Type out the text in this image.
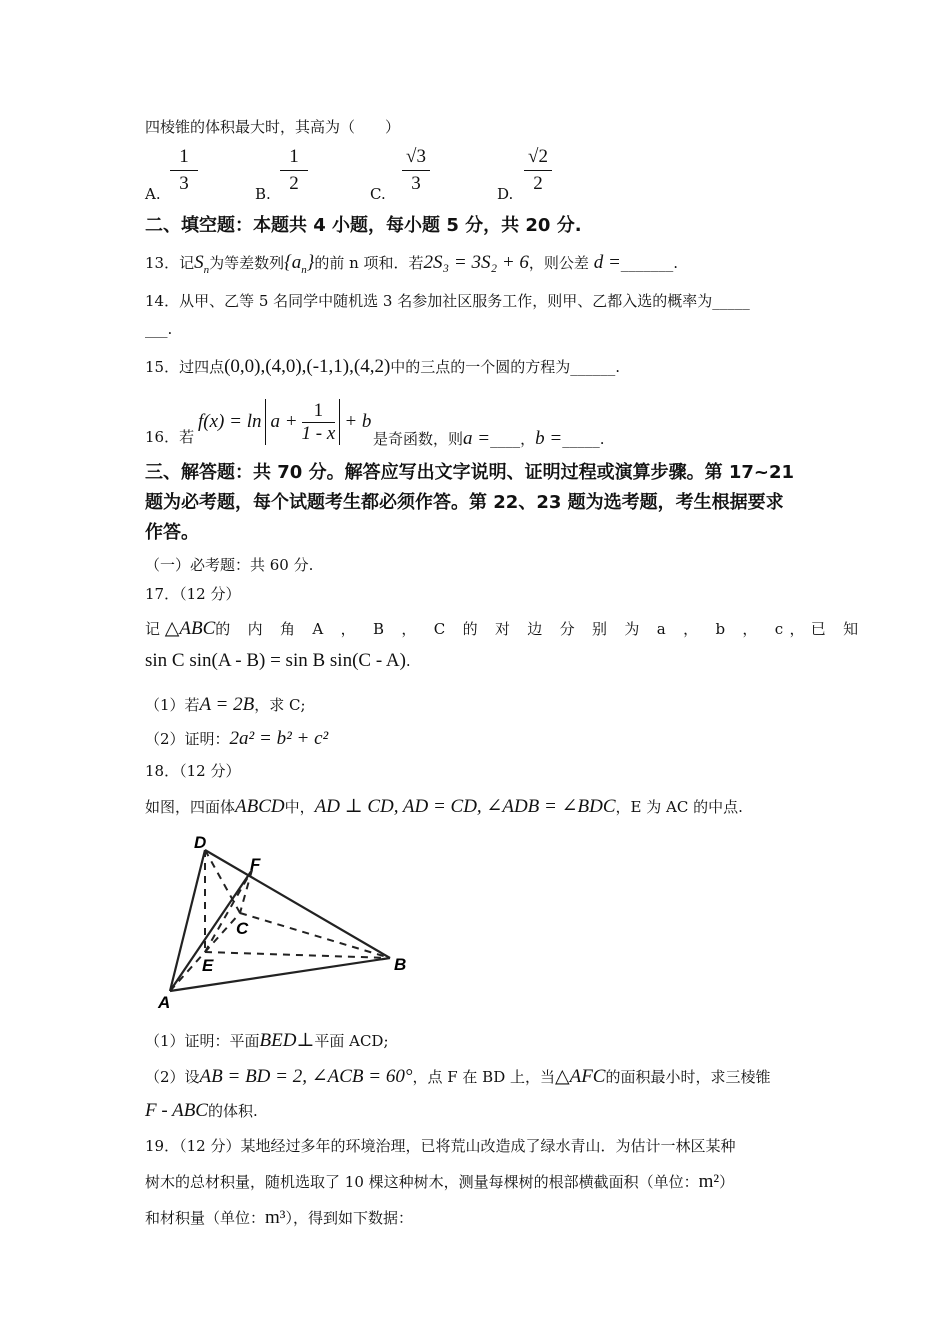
四棱锥的体积最大时，其高为（　　）
A.
1
3	B.
1
2	C.
√3
3	D.
√2
2
二、填空题：本题共 4 小题，每小题 5 分，共 20 分.
13．记$S_n$为等差数列$\{a_n\}$的前 n 项和．若2S₃ = 3S₂ + 6，则公差 d =_______.
14．从甲、乙等 5 名同学中随机选 3 名参加社区服务工作，则甲、乙都入选的概率为_____
___.
15．过四点(0,0),(4,0),(-1,1),(4,2)中的三点的一个圆的方程为______.
16．若
$f(x) = \ln a + \frac{1}{1 - x} + b$
是奇函数，则a =____，b =_____.
三、解答题：共 70 分。解答应写出文字说明、证明过程或演算步骤。第 17~21
题为必考题，每个试题考生都必须作答。第 22、23 题为选考题，考生根据要求
作答。
（一）必考题：共 60 分.
17．（12 分）
记 △ABC的 内 角 A ， B ， C 的 对 边 分 别 为 a ， b ， c，已 知
sin C sin(A - B) = sin B sin(C - A).
（1）若A = 2B，求 C;
（2）证明：2a² = b² + c²
18．（12 分）
如图，四面体ABCD中，AD ⊥ CD, AD = CD, ∠ADB = ∠BDC，E 为 AC 的中点.
D
F
C
E
A
B
（1）证明：平面BED⊥平面 ACD;
（2）设AB = BD = 2, ∠ACB = 60°，点 F 在 BD 上，当△AFC的面积最小时，求三棱锥
F - ABC的体积.
19．（12 分）某地经过多年的环境治理，已将荒山改造成了绿水青山．为估计一林区某种
树木的总材积量，随机选取了 10 棵这种树木，测量每棵树的根部横截面积（单位：m²）
和材积量（单位：m³），得到如下数据：
